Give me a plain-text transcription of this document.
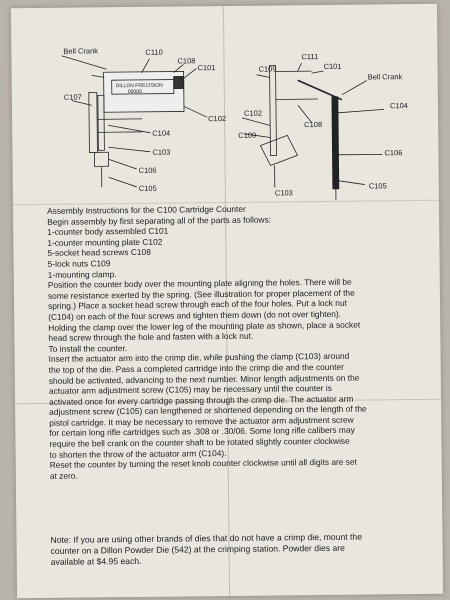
Bell Crank	C110
C108
C101
C107
DILLON PRECISION
00000
C102
C104
C103
C106
C105
C111
C109	C101
Bell Crank
C104
C102
C108
C109
C106
C103
C105
Assembly Instructions for the C100 Cartridge Counter
Begin assembly by first separating all of the parts as follows:
1-counter body assembled C101
1-counter mounting plate C102
5-socket head screws C108
5-lock nuts C109
1-mounting clamp.
Position the counter body over the mounting plate aligning the holes. There will be
some resistance exerted by the spring. (See illustration for proper placement of the
spring.) Place a socket head screw through each of the four holes. Put a lock nut
(C104) on each of the four screws and tighten them down (do not over tighten).
Holding the clamp over the lower leg of the mounting plate as shown, place a socket
head screw through the hole and fasten with a lock nut.
To install the counter.
Insert the actuator arm into the crimp die, while pushing the clamp (C103) around
the top of the die. Pass a completed cartridge into the crimp die and the counter
should be activated, advancing to the next number. Minor length adjustments on the
actuator arm adjustment screw (C105) may be necessary until the counter is
activated once for every cartridge passing through the crimp die. The actuator arm
adjustment screw (C105) can lengthened or shortened depending on the length of the
pistol cartridge. It may be necessary to remove the actuator arm adjustment screw
for certain long rifle cartridges such as .308 or .30/06. Some long rifle calibers may
require the bell crank on the counter shaft to be rotated slightly counter clockwise
to shorten the throw of the actuator arm (C104).
Reset the counter by turning the reset knob counter clockwise until all digits are set
at zero.
Note: If you are using other brands of dies that do not have a crimp die, mount the
counter on a Dillon Powder Die (542) at the crimping station. Powder dies are
available at $4.95 each.
